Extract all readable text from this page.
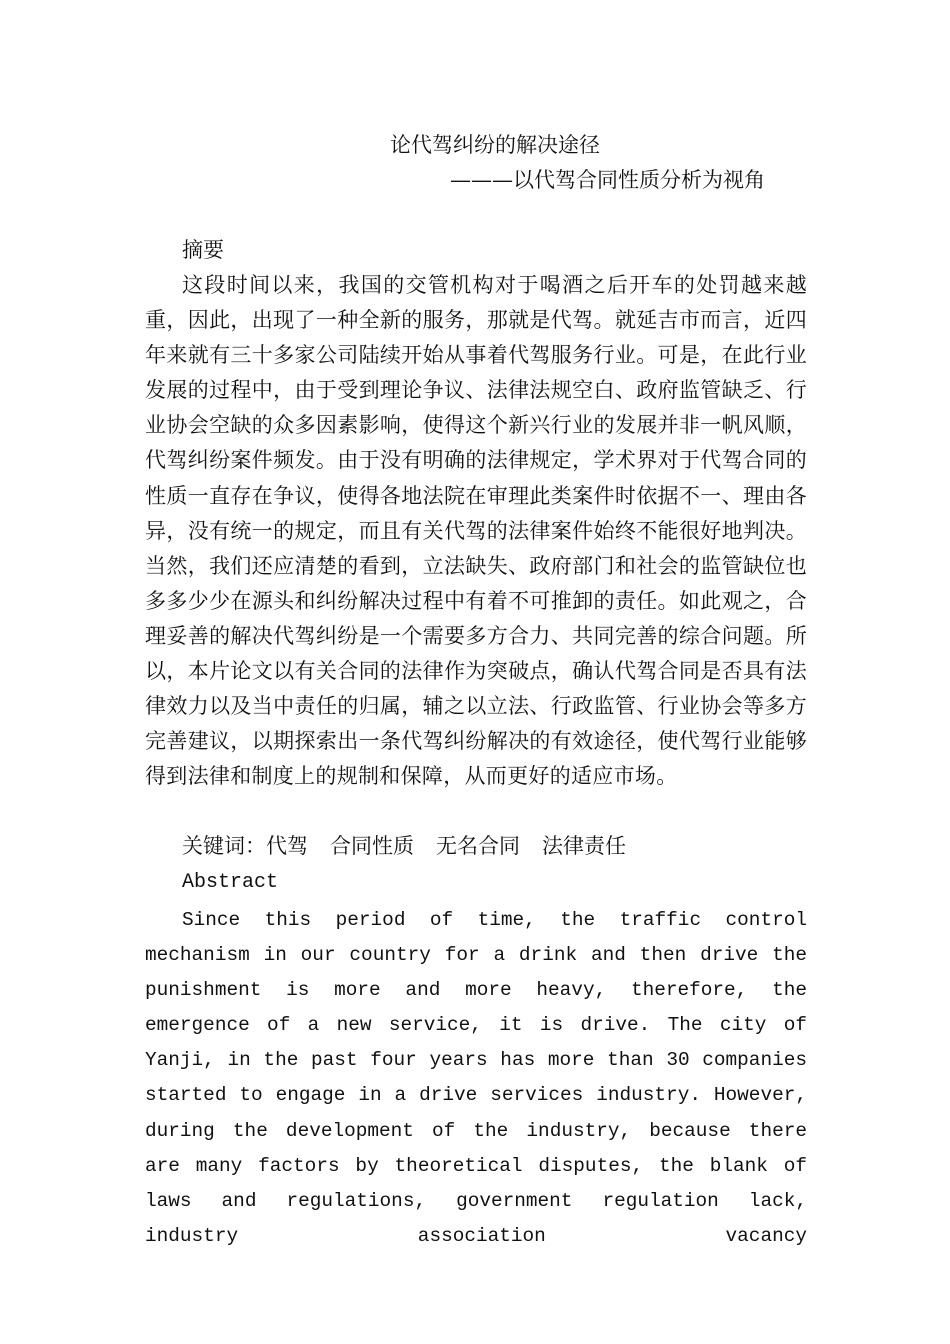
论代驾纠纷的解决途径
———以代驾合同性质分析为视角
摘要
这段时间以来，我国的交管机构对于喝酒之后开车的处罚越来越重，因此，出现了一种全新的服务，那就是代驾。就延吉市而言，近四年来就有三十多家公司陆续开始从事着代驾服务行业。可是，在此行业发展的过程中，由于受到理论争议、法律法规空白、政府监管缺乏、行业协会空缺的众多因素影响，使得这个新兴行业的发展并非一帆风顺，代驾纠纷案件频发。由于没有明确的法律规定，学术界对于代驾合同的性质一直存在争议，使得各地法院在审理此类案件时依据不一、理由各异，没有统一的规定，而且有关代驾的法律案件始终不能很好地判决。当然，我们还应清楚的看到，立法缺失、政府部门和社会的监管缺位也多多少少在源头和纠纷解决过程中有着不可推卸的责任。如此观之，合理妥善的解决代驾纠纷是一个需要多方合力、共同完善的综合问题。所以，本片论文以有关合同的法律作为突破点，确认代驾合同是否具有法律效力以及当中责任的归属，辅之以立法、行政监管、行业协会等多方完善建议，以期探索出一条代驾纠纷解决的有效途径，使代驾行业能够得到法律和制度上的规制和保障，从而更好的适应市场。
关键词：代驾 合同性质 无名合同 法律责任
Abstract
Since this period of time, the traffic control mechanism in our country for a drink and then drive the punishment is more and more heavy, therefore, the emergence of a new service, it is drive. The city of Yanji, in the past four years has more than 30 companies started to engage in a drive services industry. However, during the development of the industry, because there are many factors by theoretical disputes, the blank of laws and regulations, government regulation lack, industry association vacancy
